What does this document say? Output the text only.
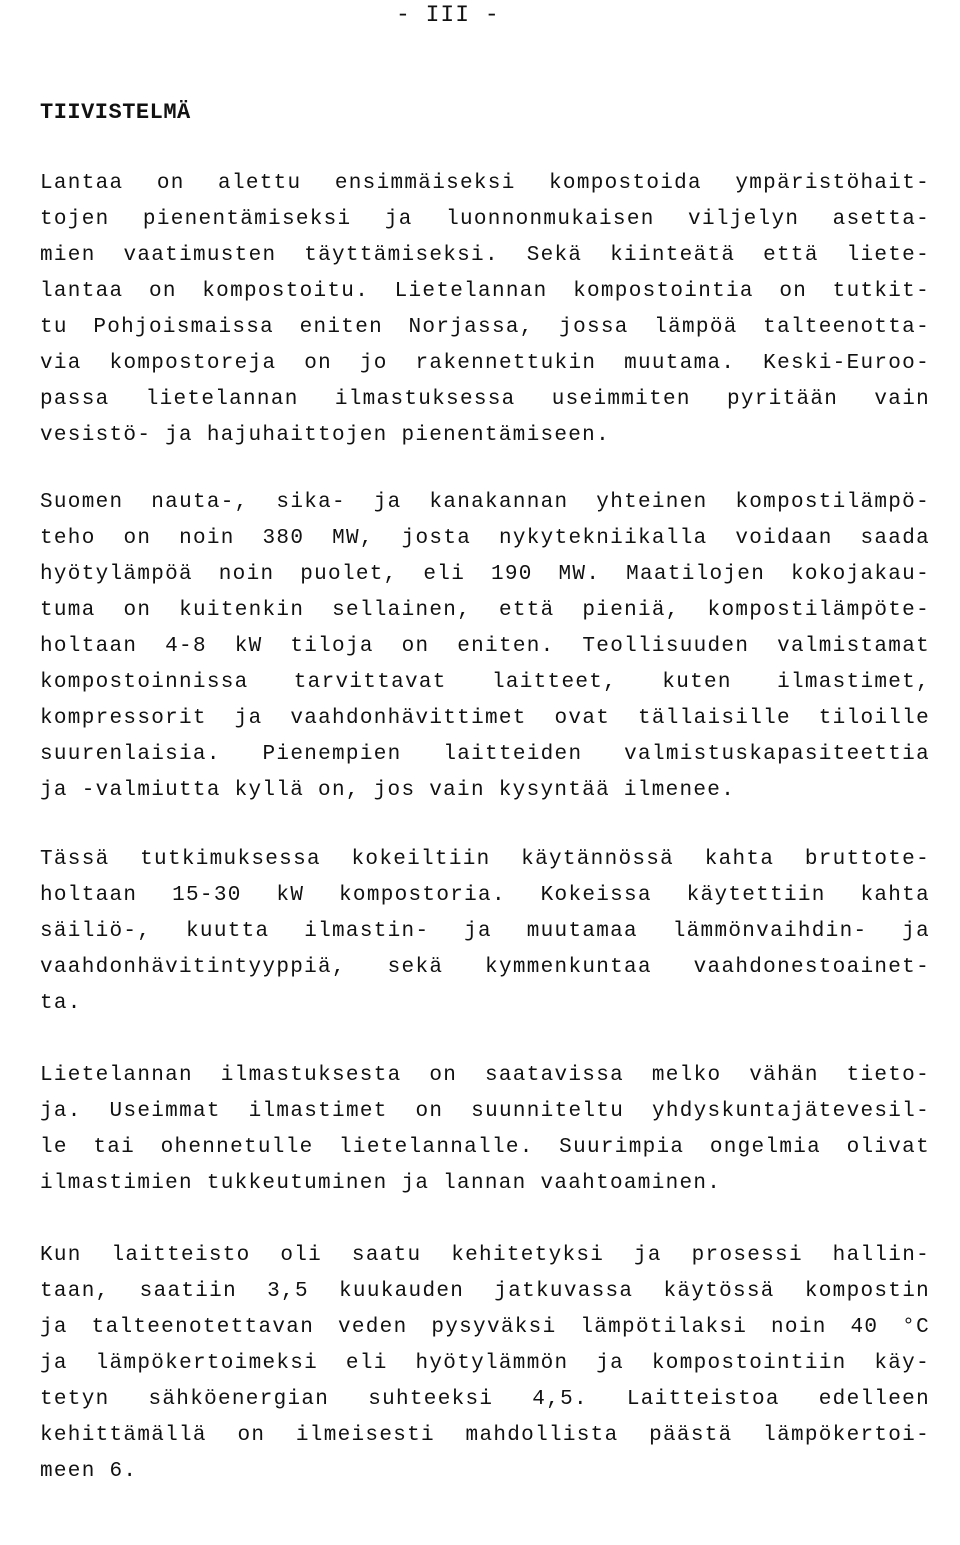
- III -
TIIVISTELMÄ
Lantaa on alettu ensimmäiseksi kompostoida ympäristöhait-
tojen pienentämiseksi ja luonnonmukaisen viljelyn asetta-
mien vaatimusten täyttämiseksi. Sekä kiinteätä että liete-
lantaa on kompostoitu. Lietelannan kompostointia on tutkit-
tu Pohjoismaissa eniten Norjassa, jossa lämpöä talteenotta-
via kompostoreja on jo rakennettukin muutama. Keski-Euroo-
passa lietelannan ilmastuksessa useimmiten pyritään vain
vesistö- ja hajuhaittojen pienentämiseen.
Suomen nauta-, sika- ja kanakannan yhteinen kompostilämpö-
teho on noin 380 MW, josta nykytekniikalla voidaan saada
hyötylämpöä noin puolet, eli 190 MW. Maatilojen kokojakau-
tuma on kuitenkin sellainen, että pieniä, kompostilämpöte-
holtaan 4-8 kW tiloja on eniten. Teollisuuden valmistamat
kompostoinnissa tarvittavat laitteet, kuten ilmastimet,
kompressorit ja vaahdonhävittimet ovat tällaisille tiloille
suurenlaisia. Pienempien laitteiden valmistuskapasiteettia
ja -valmiutta kyllä on, jos vain kysyntää ilmenee.
Tässä tutkimuksessa kokeiltiin käytännössä kahta bruttote-
holtaan 15-30 kW kompostoria. Kokeissa käytettiin kahta
säiliö-, kuutta ilmastin- ja muutamaa lämmönvaihdin- ja
vaahdonhävitintyyppiä, sekä kymmenkuntaa vaahdonestoainet-
ta.
Lietelannan ilmastuksesta on saatavissa melko vähän tieto-
ja. Useimmat ilmastimet on suunniteltu yhdyskuntajätevesil-
le tai ohennetulle lietelannalle. Suurimpia ongelmia olivat
ilmastimien tukkeutuminen ja lannan vaahtoaminen.
Kun laitteisto oli saatu kehitetyksi ja prosessi hallin-
taan, saatiin 3,5 kuukauden jatkuvassa käytössä kompostin
ja talteenotettavan veden pysyväksi lämpötilaksi noin 40 °C
ja lämpökertoimeksi eli hyötylämmön ja kompostointiin käy-
tetyn sähköenergian suhteeksi 4,5. Laitteistoa edelleen
kehittämällä on ilmeisesti mahdollista päästä lämpökertoi-
meen 6.
